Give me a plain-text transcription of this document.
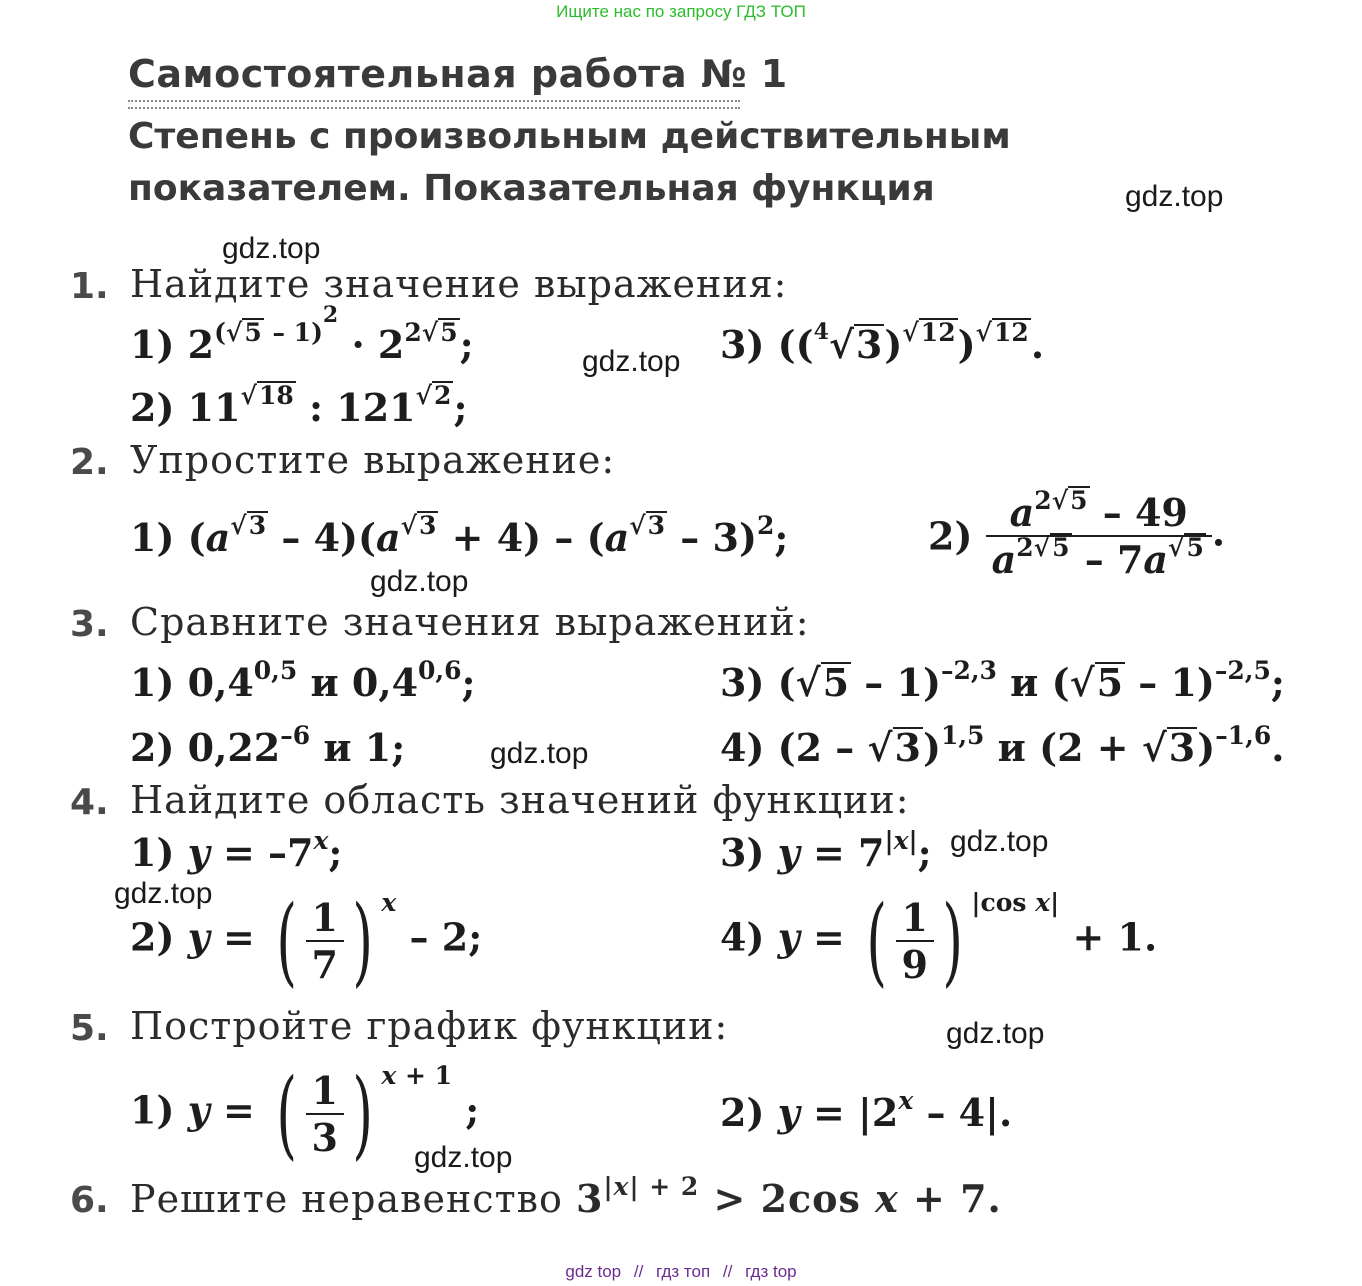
Ищите нас по запросу ГДЗ ТОП
Самостоятельная работа № 1
Степень с произвольным действительным
показателем. Показательная функция	gdz.top
gdz.top
gdz.top
gdz.top
gdz.top
gdz.top
gdz.top
gdz.top
gdz.top
1. Найдите значение выражения:
1) $2^{(√5 - 1)2} \cdot 2^{2√5}$;
2) $11^{√18}$ : $121^{√2}$;
3) $((^4√3)^{√12})^{√12}$.
2. Упростите выражение:
1) $(a^{√3} - 4)(a^{√3} + 4) - (a^{√3} - 3)^2$;	$2) \frac{a^{2√5} - 49}{a^{2√5} - 7a^{√5}}$ .
3. Сравните значения выражений:
1) 0,4$^{0,5}$ и 0,4$^{0,6}$;
2) $0,22^{-6}$ и 1;
3) (√5 – 1)$^{-2,3}$ и (√5 – 1)$^{-2,5}$;
4) (2 – √3)$^{1,5}$ и $(2 + √3)^{-1,6}$.
4. Найдите область значений функции:
1) $y = -7^x$;
2) y = ( $\frac{1}{7}$ ) $^x$ – 2;
3) $y = 7^{|x|}$;
4) y = ( $\frac{1}{9}$ ) $^{|cos x|}$ + 1.
5. Постройте график функции:
1) y = ( $\frac{1}{3}$ ) $^{x + 1}$ ;	2) $y = |2^x - 4|$.
6. Решите неравенство $3^{|x| + 2} > 2\cos$ x + 7.
gdz top // гдз топ // гдз top
